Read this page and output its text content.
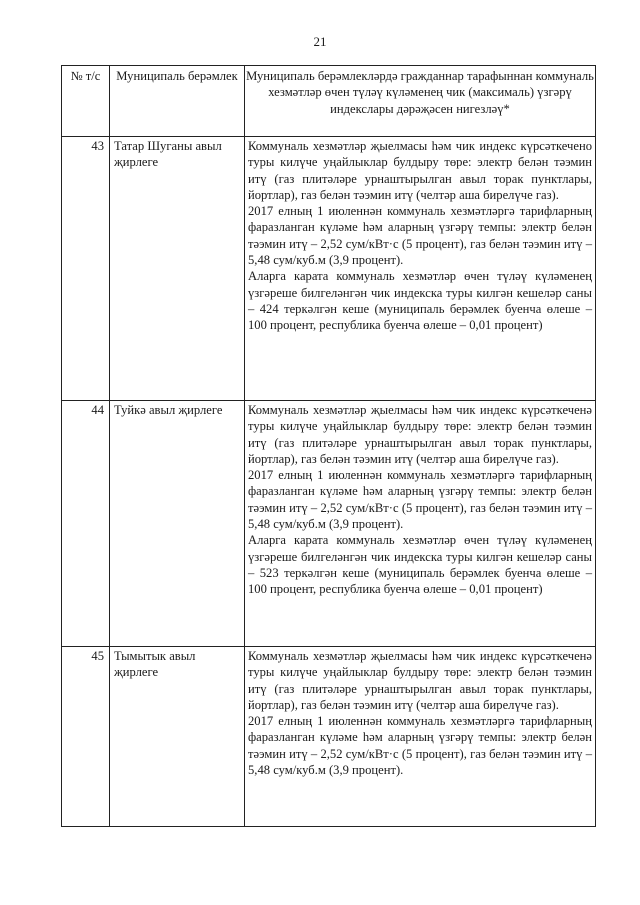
21
№ т/с	Муниципаль берәмлек	Муниципаль берәмлекләрдә гражданнар тарафыннан коммуналь хезмәтләр өчен түләү күләменең чик (максималь) үзгәрү индекслары дәрәҗәсен нигезләү*

43	Татар Шуганы авыл җирлеге	Коммуналь хезмәтләр җыелмасы һәм чик индекс күрсәткечено туры килүче уңайлыклар булдыру төре: электр белән тәэмин итү (газ плитәләре урнаштырылган авыл торак пунктлары, йортлар), газ белән тәэмин итү (челтәр аша бирелүче газ).

2017 елның 1 июленнән коммуналь хезмәтләргә тарифларның фаразланган күләме һәм аларның үзгәрү темпы: электр белән тәэмин итү – 2,52 сум/кВт·с (5 процент), газ белән тәэмин итү – 5,48 сум/куб.м (3,9 процент).

Аларга карата коммуналь хезмәтләр өчен түләү күләменең үзгәреше билгеләнгән чик индекска туры килгән кешеләр саны – 424 теркәлгән кеше (муниципаль берәмлек буенча өлеше – 100 процент, республика буенча өлеше – 0,01 процент)

44	Туйкә авыл җирлеге	Коммуналь хезмәтләр җыелмасы һәм чик индекс күрсәткеченә туры килүче уңайлыклар булдыру төре: электр белән тәэмин итү (газ плитәләре урнаштырылган авыл торак пунктлары, йортлар), газ белән тәэмин итү (челтәр аша бирелүче газ).

2017 елның 1 июленнән коммуналь хезмәтләргә тарифларның фаразланган күләме һәм аларның үзгәрү темпы: электр белән тәэмин итү – 2,52 сум/кВт·с (5 процент), газ белән тәэмин итү – 5,48 сум/куб.м (3,9 процент).

Аларга карата коммуналь хезмәтләр өчен түләү күләменең үзгәреше билгеләнгән чик индекска туры килгән кешеләр саны – 523 теркәлгән кеше (муниципаль берәмлек буенча өлеше – 100 процент, республика буенча өлеше – 0,01 процент)

45	Тымытык авыл җирлеге	Коммуналь хезмәтләр җыелмасы һәм чик индекс күрсәткеченә туры килүче уңайлыклар булдыру төре: электр белән тәэмин итү (газ плитәләре урнаштырылган авыл торак пунктлары, йортлар), газ белән тәэмин итү (челтәр аша бирелүче газ).

2017 елның 1 июленнән коммуналь хезмәтләргә тарифларның фаразланган күләме һәм аларның үзгәрү темпы: электр белән тәэмин итү – 2,52 сум/кВт·с (5 процент), газ белән тәэмин итү – 5,48 сум/куб.м (3,9 процент).
